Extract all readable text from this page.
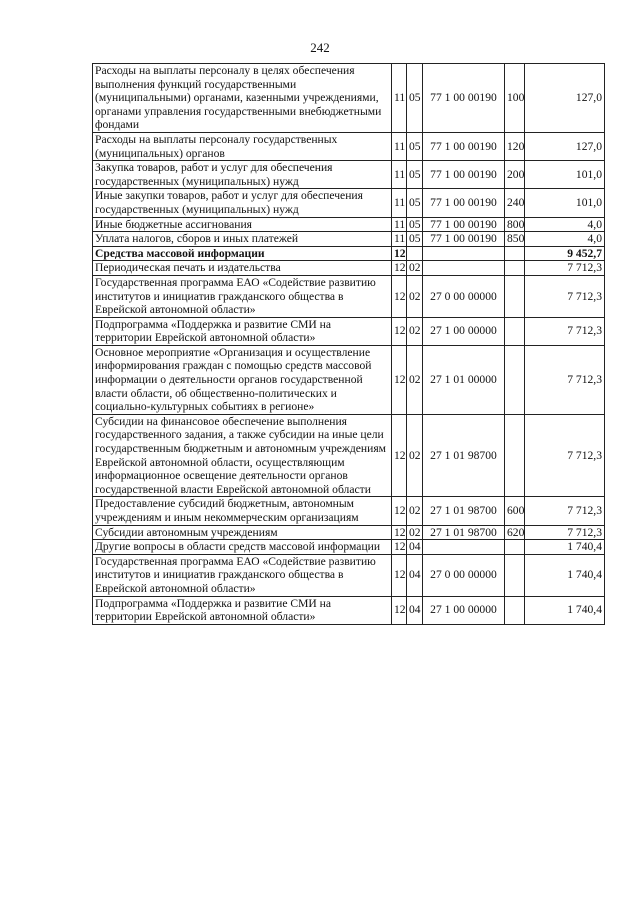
242
Расходы на выплаты персоналу в целях обеспечения выполнения функций государственными (муниципальными) органами, казенными учреждениями, органами управления государственными внебюджетными фондами	11	05	77 1 00 00190	100	127,0
Расходы на выплаты персоналу государственных (муниципальных) органов	11	05	77 1 00 00190	120	127,0
Закупка товаров, работ и услуг для обеспечения государственных (муниципальных) нужд	11	05	77 1 00 00190	200	101,0
Иные закупки товаров, работ и услуг для обеспечения государственных (муниципальных) нужд	11	05	77 1 00 00190	240	101,0
Иные бюджетные ассигнования	11	05	77 1 00 00190	800	4,0
Уплата налогов, сборов и иных платежей	11	05	77 1 00 00190	850	4,0
Средства массовой информации	12				9 452,7
Периодическая печать и издательства	12	02			7 712,3
Государственная программа ЕАО «Содействие развитию институтов и инициатив гражданского общества в Еврейской автономной области»	12	02	27 0 00 00000		7 712,3
Подпрограмма «Поддержка и развитие СМИ на территории Еврейской автономной области»	12	02	27 1 00 00000		7 712,3
Основное мероприятие «Организация и осуществление информирования граждан с помощью средств массовой информации о деятельности органов государственной власти области, об общественно-политических и социально-культурных событиях в регионе»	12	02	27 1 01 00000		7 712,3
Субсидии на финансовое обеспечение выполнения государственного задания, а также субсидии на иные цели государственным бюджетным и автономным учреждениям Еврейской автономной области, осуществляющим информационное освещение деятельности органов государственной власти Еврейской автономной области	12	02	27 1 01 98700		7 712,3
Предоставление субсидий бюджетным, автономным учреждениям и иным некоммерческим организациям	12	02	27 1 01 98700	600	7 712,3
Субсидии автономным учреждениям	12	02	27 1 01 98700	620	7 712,3
Другие вопросы в области средств массовой информации	12	04			1 740,4
Государственная программа ЕАО «Содействие развитию институтов и инициатив гражданского общества в Еврейской автономной области»	12	04	27 0 00 00000		1 740,4
Подпрограмма «Поддержка и развитие СМИ на территории Еврейской автономной области»	12	04	27 1 00 00000		1 740,4
